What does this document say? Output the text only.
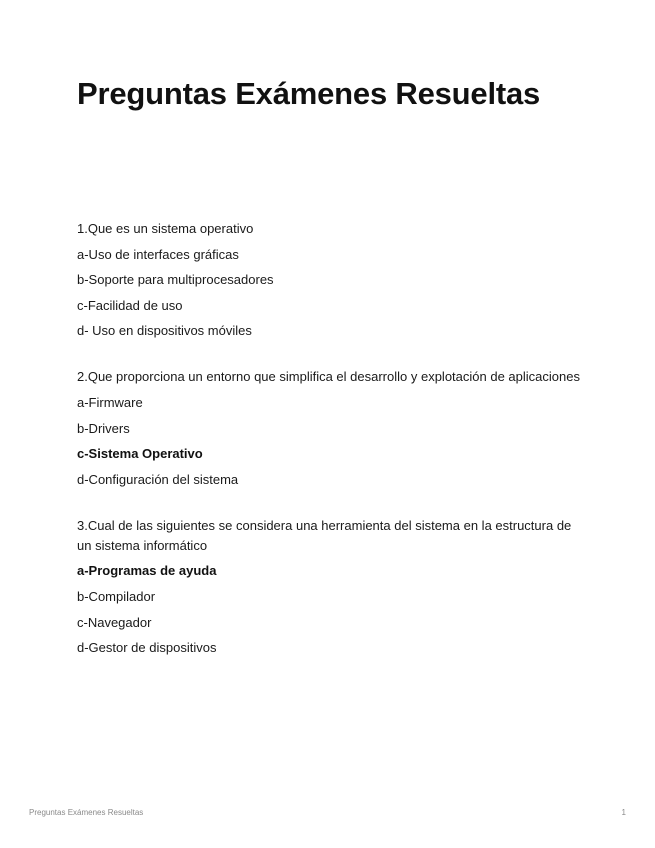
Preguntas Exámenes Resueltas
1.Que es un sistema operativo
a-Uso de interfaces gráficas
b-Soporte para multiprocesadores
c-Facilidad de uso
d- Uso en dispositivos móviles
2.Que proporciona un entorno que simplifica el desarrollo y explotación de aplicaciones
a-Firmware
b-Drivers
c-Sistema Operativo
d-Configuración del sistema
3.Cual de las siguientes se considera una herramienta del sistema en la estructura de un sistema informático
a-Programas de ayuda
b-Compilador
c-Navegador
d-Gestor de dispositivos
Preguntas Exámenes Resueltas	1
